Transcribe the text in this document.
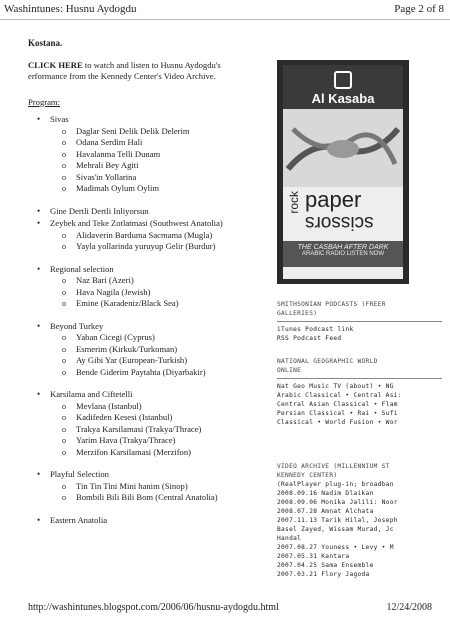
Washintunes: Husnu Aydogdu	Page 2 of 8
Kostana.
CLICK HERE to watch and listen to Husnu Aydogdu's erformance from the Kennedy Center's Video Archive.
Program:
• Sivas
o Daglar Seni Delik Delik Delerim
o Odana Serdim Hali
o Havalanma Telli Dunam
o Mehrali Bey Agiti
o Sivas'in Yollarina
o Madimah Oylum Oylim
• Gine Dertli Dertli Inliyorsun
• Zeybek and Teke Zotlatmasi (Southwest Anatolia)
o Alidaverin Barduma Sacmama (Mugla)
o Yayla yollarinda yuruyup Gelir (Burdur)
• Regional selection
o Naz Bari (Azeri)
o Hava Nagila (Jewish)
o Emine (Karadeniz/Black Sea)
• Beyond Turkey
o Yaban Cicegi (Cyprus)
o Esmerim (Kirkuk/Turkoman)
o Ay Gibi Yar (European-Turkish)
o Bende Giderim Paytahta (Diyarbakir)
• Karsilama and Ciftetelli
o Mevlana (Istanbul)
o Kadifeden Kesesi (Istanbul)
o Trakya Karsilamasi (Trakya/Thrace)
o Yarim Hava (Trakya/Thrace)
o Merzifon Karsilamasi (Merzifon)
• Playful Selection
o Tin Tin Tini Mini hanim (Sinop)
o Bombili Bili Bili Bom (Central Anatolia)
• Eastern Anatolia
Al Kasaba
rock paper
scissors
THE CASBAH AFTER DARK
ARABIC RADIO LISTEN NOW
SMITHSONIAN PODCASTS (FREER
GALLERIES)
iTunes Podcast link
RSS Podcast Feed
NATIONAL GEOGRAPHIC WORLD
ONLINE
Nat Geo Music TV (about) • NG
Arabic Classical • Central Asi:
Central Asian Classical • Flam
Persian Classical • Rai • Sufi
Classical • World Fusion • Wor
VIDEO ARCHIVE (MILLENNIUM ST
KENNEDY CENTER)
(RealPlayer plug-in; broadban
2008.09.16 Nadim Dlaikan
2008.09.06 Monika Jalili: Noor
2008.07.28 Amnat Alchata
2007.11.13 Tarik Hilal, Joseph
Basel Zayed, Wissam Murad, Jc
Handal
2007.08.27 Youness • Levy • M
2007.05.31 Kantara
2007.04.25 Sama Ensemble
2007.03.21 Flory Jagoda
http://washintunes.blogspot.com/2006/06/husnu-aydogdu.html	12/24/2008
